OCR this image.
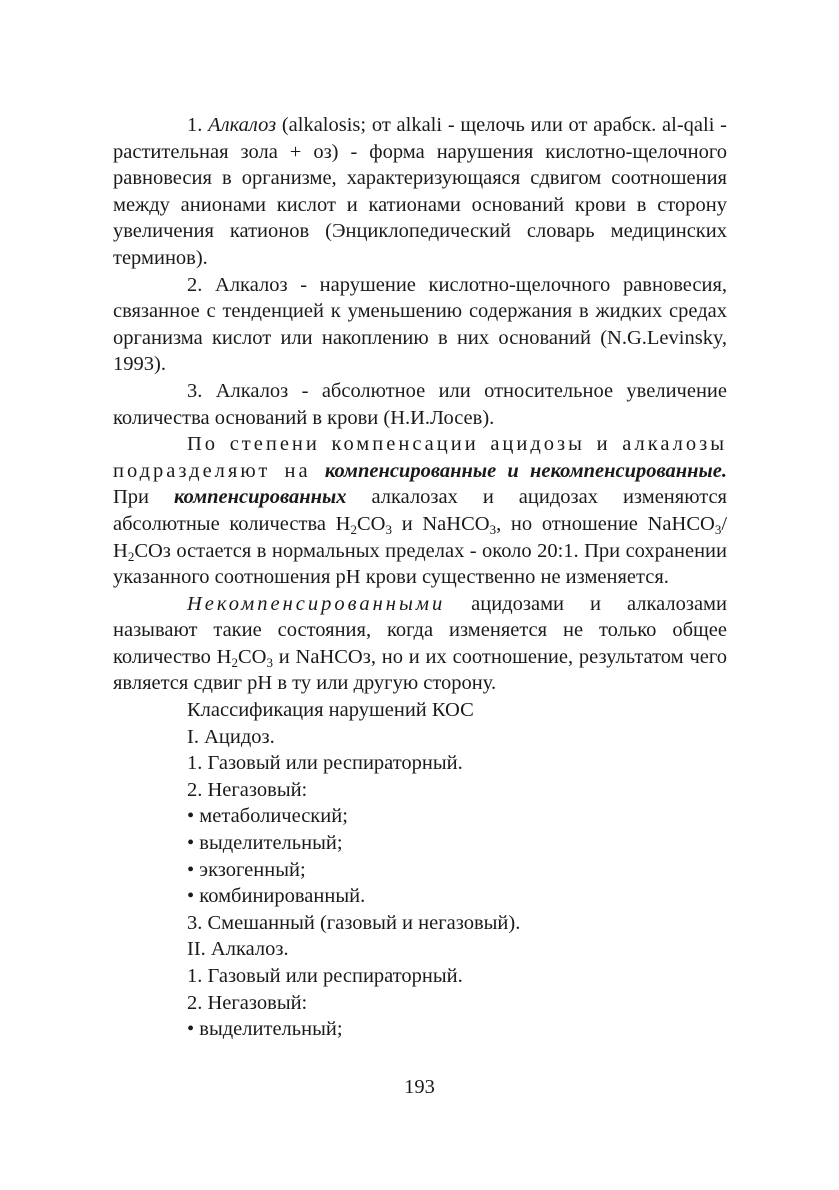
1. Алкалоз (alkalosis; от alkali - щелочь или от арабск. al-qali - растительная зола + оз) - форма нарушения кислотно-щелочного равновесия в организме, характеризующаяся сдвигом соотношения между анионами кислот и катионами оснований крови в сторону увеличения катионов (Энциклопедический словарь медицинских терминов).

2. Алкалоз - нарушение кислотно-щелочного равновесия, связанное с тенденцией к уменьшению содержания в жидких средах организма кислот или накоплению в них оснований (N.G.Levinsky, 1993).

3. Алкалоз - абсолютное или относительное увеличение количества оснований в крови (Н.И.Лосев).

По степени компенсации ацидозы и алкалозы подразделяют на компенсированные и некомпенсированные. При компенсированных алкалозах и ацидозах изменяются абсолютные количества $H_2CO_3$ и NaHCO$_3$, но отношение NaHCO$_3$/ $H_2COз$ остается в нормальных пределах - около 20:1. При сохранении указанного соотношения pH крови существенно не изменяется.

Некомпенсированными ацидозами и алкалозами называют такие состояния, когда изменяется не только общее количество $H_2CO_3$ и NaHCOз, но и их соотношение, результатом чего является сдвиг pH в ту или другую сторону.

Классификация нарушений КОС

I. Ацидоз.

1. Газовый или респираторный.

2. Негазовый:

• метаболический;

• выделительный;

• экзогенный;

• комбинированный.

3. Смешанный (газовый и негазовый).

II. Алкалоз.

1. Газовый или респираторный.

2. Негазовый:

• выделительный;

193
